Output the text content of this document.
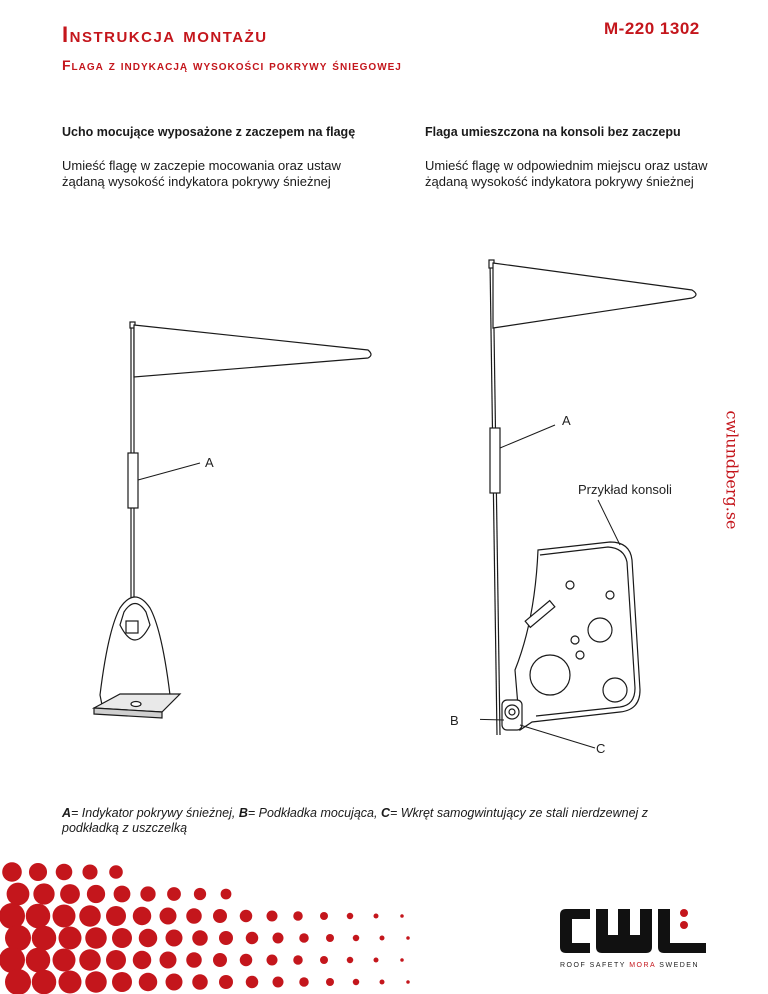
Instrukcja montażu	M-220 1302
Flaga z indykacją wysokości pokrywy śniegowej
Ucho mocujące wyposażone z zaczepem na flagę
Umieść flagę w zaczepie mocowania oraz ustaw żądaną wysokość indykatora pokrywy śnieżnej
Flaga umieszczona na konsoli bez zaczepu
Umieść flagę w odpowiednim miejscu oraz ustaw żądaną wysokość indykatora pokrywy śnieżnej
A
A
Przykład konsoli
B
C
cwlundberg.se
A= Indykator pokrywy śnieżnej, B= Podkładka mocująca, C= Wkręt samogwintujący ze stali nierdzewnej z podkładką z uszczelką
ROOF SAFETY MORA SWEDEN
